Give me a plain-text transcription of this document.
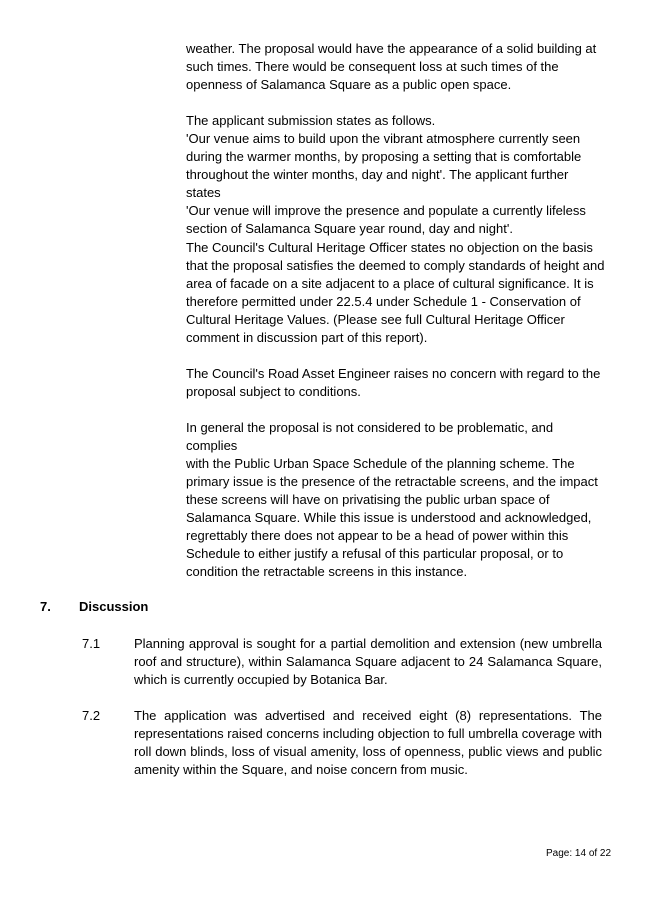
weather. The proposal would have the appearance of a solid building at
such times. There would be consequent loss at such times of the
openness of Salamanca Square as a public open space.

The applicant submission states as follows.
'Our venue aims to build upon the vibrant atmosphere currently seen
during the warmer months, by proposing a setting that is comfortable
throughout the winter months, day and night'. The applicant further states
'Our venue will improve the presence and populate a currently lifeless
section of Salamanca Square year round, day and night'.

The Council's Cultural Heritage Officer states no objection on the basis
that the proposal satisfies the deemed to comply standards of height and
area of facade on a site adjacent to a place of cultural significance. It is
therefore permitted under 22.5.4 under Schedule 1 - Conservation of
Cultural Heritage Values. (Please see full Cultural Heritage Officer
comment in discussion part of this report).

The Council's Road Asset Engineer raises no concern with regard to the
proposal subject to conditions.

In general the proposal is not considered to be problematic, and complies
with the Public Urban Space Schedule of the planning scheme. The
primary issue is the presence of the retractable screens, and the impact
these screens will have on privatising the public urban space of
Salamanca Square. While this issue is understood and acknowledged,
regrettably there does not appear to be a head of power within this
Schedule to either justify a refusal of this particular proposal, or to
condition the retractable screens in this instance.

7. Discussion
7.1	Planning approval is sought for a partial demolition and extension (new umbrella roof and structure), within Salamanca Square adjacent to 24 Salamanca Square, which is currently occupied by Botanica Bar.
7.2	The application was advertised and received eight (8) representations. The representations raised concerns including objection to full umbrella coverage with roll down blinds, loss of visual amenity, loss of openness, public views and public amenity within the Square, and noise concern from music.
Page: 14 of 22
